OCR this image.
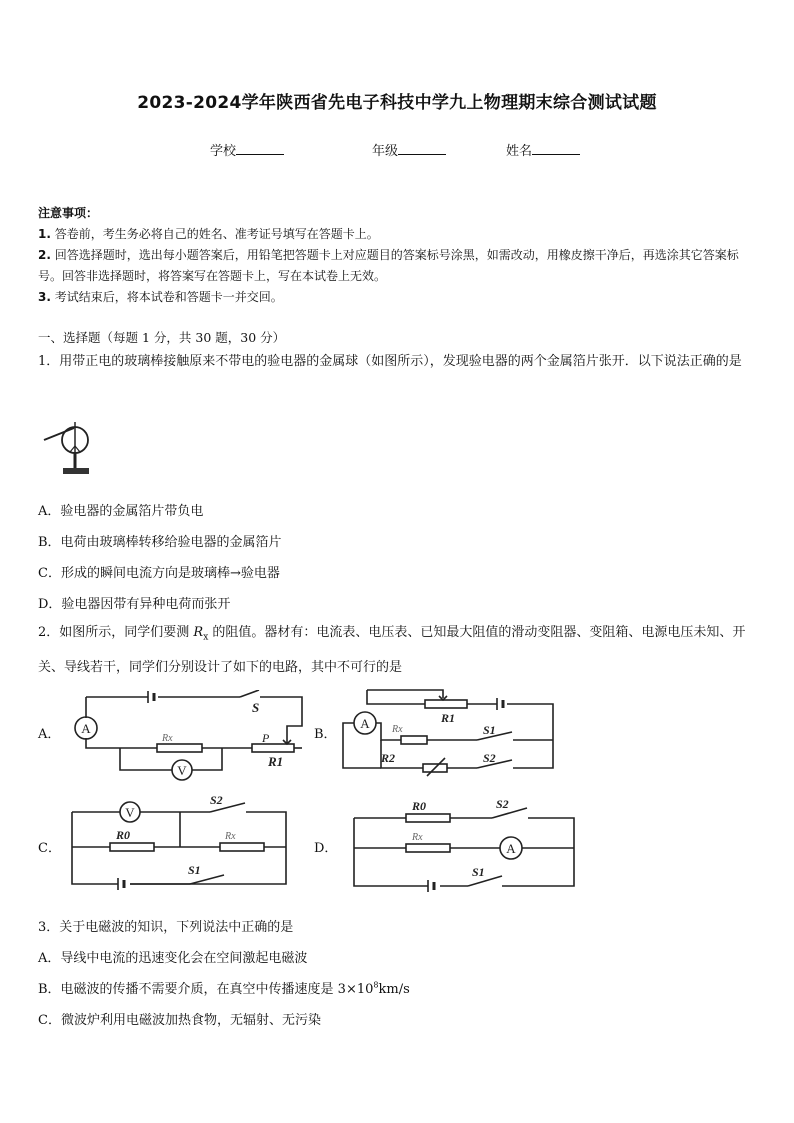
2023-2024学年陕西省先电子科技中学九上物理期末综合测试试题
学校	年级	姓名
注意事项：
1. 答卷前，考生务必将自己的姓名、准考证号填写在答题卡上。
2. 回答选择题时，选出每小题答案后，用铅笔把答题卡上对应题目的答案标号涂黑，如需改动，用橡皮擦干净后，再选涂其它答案标号。回答非选择题时，将答案写在答题卡上，写在本试卷上无效。
3. 考试结束后，将本试卷和答题卡一并交回。
一、选择题（每题 1 分，共 30 题，30 分）
1．用带正电的玻璃棒接触原来不带电的验电器的金属球（如图所示），发现验电器的两个金属箔片张开．以下说法正确的是
A．验电器的金属箔片带负电
B．电荷由玻璃棒转移给验电器的金属箔片
C．形成的瞬间电流方向是玻璃棒→验电器
D．验电器因带有异种电荷而张开
2．如图所示，同学们要测 $R_x$ 的阻值。器材有：电流表、电压表、已知最大阻值的滑动变阻器、变阻箱、电源电压未知、开关、导线若干，同学们分别设计了如下的电路，其中不可行的是
A．	B．
C．	D．
A
Rx	P
R1
V
S
R1
A Rx	S1
R2	S2
V
S2
R0	Rx
S1
R0	S2
Rx
A
S1
3．关于电磁波的知识，下列说法中正确的是
A．导线中电流的迅速变化会在空间激起电磁波
B．电磁波的传播不需要介质，在真空中传播速度是 $3\times 10^8km/s$
C．微波炉利用电磁波加热食物，无辐射、无污染
